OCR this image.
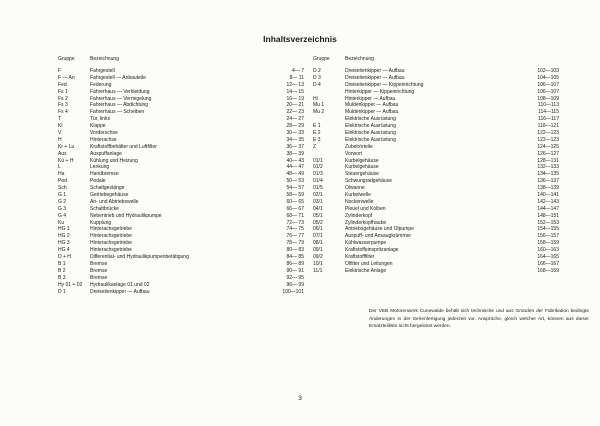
Inhaltsverzeichnis
Gruppe	Bezeichnung
F	Fahrgestell	4— 7
F — An	Fahrgestell — Anbauteile	8— 11
Fed	Federung	12— 13
Fs 1	Fahrerhaus — Verkleidung	14— 15
Fs 2	Fahrerhaus — Verriegelung	16— 19
Fs 3	Fahrerhaus — Abdichtung	20— 21
Fs 4	Fahrerhaus — Scheiben	22— 23
T	Tür, links	24— 27
Kl	Klappe	28— 29
V	Vorderschse	30— 33
H	Hinterachse	34— 35
Kr + Lu	Kraftstoffbehälter und Luftfilter	36— 37
Aus	Auspuffanlage	38— 39
Kü + H	Kühlung und Heizung	40— 43
L	Lenkung	44— 47
Ha	Handbremse	48— 49
Ped	Pedale	50— 53
Sch	Schaltgestänge	54— 57
G 1	Getriebegehäuse	58— 59
G 2	An- und Abtriebswelle	60— 65
G 3	Schaltbrücke	66— 67
G 4	Nebentrieb und Hydraulikpumpe	68— 71
Ku	Kupplung	72— 73
HG 1	Hinterachsgetriebe	74— 75
HG 2	Hinterachsgetriebe	76— 77
HG 3	Hinterachsgetriebe	78— 79
HG 4	Hinterachsgetriebe	80— 83
D + H	Differential- und Hydraulikpumpenbetätigung	84— 85
B 1	Bremse	86— 89
B 2	Bremse	90— 91
B 3	Bremse	92— 95
Hy 01 + 02	Hydraulikanlage 01 und 02	96— 99
D 1	Dreiseitenkipper — Aufbau	100—101
Gruppe	Bezeichnung
D 2	Dreiseitenkipper — Aufbau	102—103
D 3	Dreiseitenkipper — Aufbau	104—105
D 4	Dreiseitenkipper — Kippeinrichtung	106—107
Hinterkipper — Kippeinrichtung	106—107
Hi	Hinterkipper — Aufbau	108—109
Mu 1	Muldenkipper — Aufbau	110—113
Mu 2	Muldenkipper — Aufbau	114—115
Elektrische Ausrüstung	116—117
E 1	Elektrische Ausrüstung	118—121
E 2	Elektrische Ausrüstung	122—123
E 3	Elektrische Ausrüstung	122—123
Z	Zubehörteile	124—125
Vorwort	126—127
01/1	Kurbelgehäuse	128—131
01/2	Kurbelgehäuse	132—133
01/3	Steuergehäuse	134—135
01/4	Schwungradgehäuse	136—137
01/5	Ölwanne	138—139
02/1	Kurbelwelle	140—141
03/1	Nockenwelle	142—143
04/1	Pleuel und Kolben	144—147
05/1	Zylinderkopf	148—151
05/2	Zylinderkopfhaube	152—153
06/1	Antriebsgehäuse und Ölpumpe	154—155
07/1	Auspuff- und Ansaugkrümmer	156—157
08/1	Kühlwasserpumpe	158—159
09/1	Kraftstoffeinspritzanlage	160—163
09/2	Kraftstofffilter	164—165
10/1	Ölfilter und Leitungen	166—167
11/1	Elektrische Anlage	168—169
Der VEB Motorenwerk Cunewalde behält sich technische und aus Gründen der Fabrikation bedingte Änderungen in der Serienfertigung jederzeit vor. Ansprüche, gleich welcher Art, können aus dieser Ersatzteilliste nicht hergeleitet werden.
3
